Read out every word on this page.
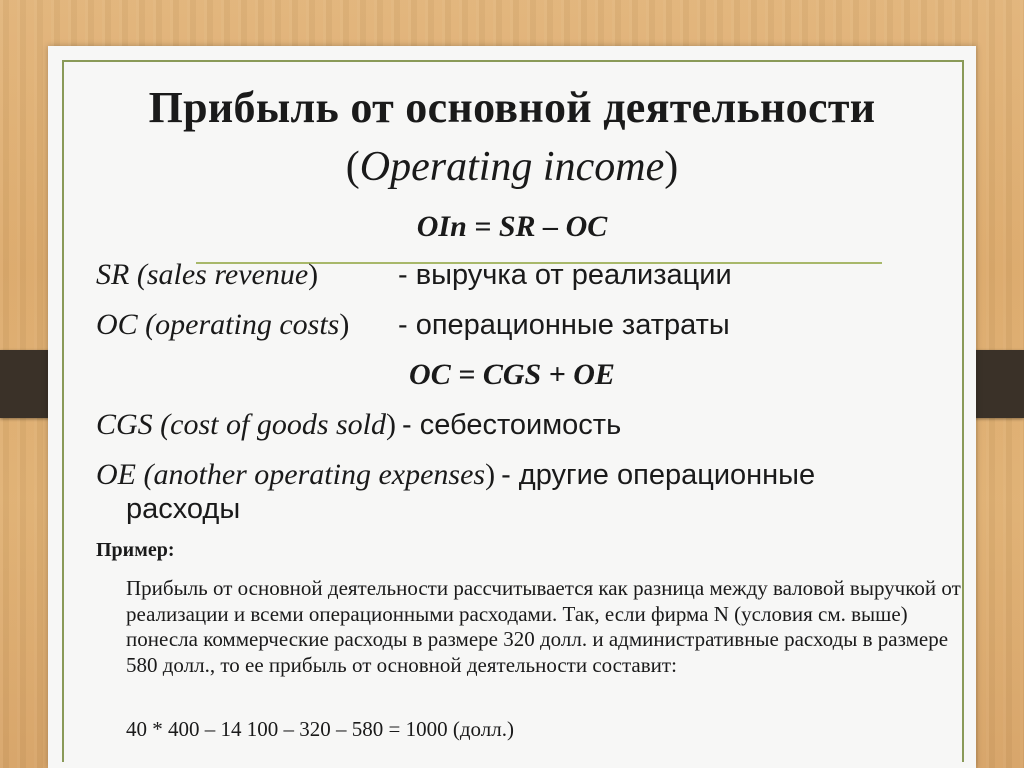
Прибыль от основной деятельности
(Operating income)
OIn = SR – OC
SR (sales revenue)	- выручка от реализации
OC (operating costs) - операционные затраты
OC = CGS + OE
CGS (cost of goods sold) - себестоимость
OE (another operating expenses) - другие операционные
расходы
Пример:
Прибыль от основной деятельности рассчитывается как разница между валовой выручкой от реализации и всеми операционными расходами. Так, если фирма N (условия см. выше) понесла коммерческие расходы в размере 320 долл. и административные расходы в размере 580 долл., то ее прибыль от основной деятельности составит:
40 * 400 – 14 100 – 320 – 580 = 1000 (долл.)
